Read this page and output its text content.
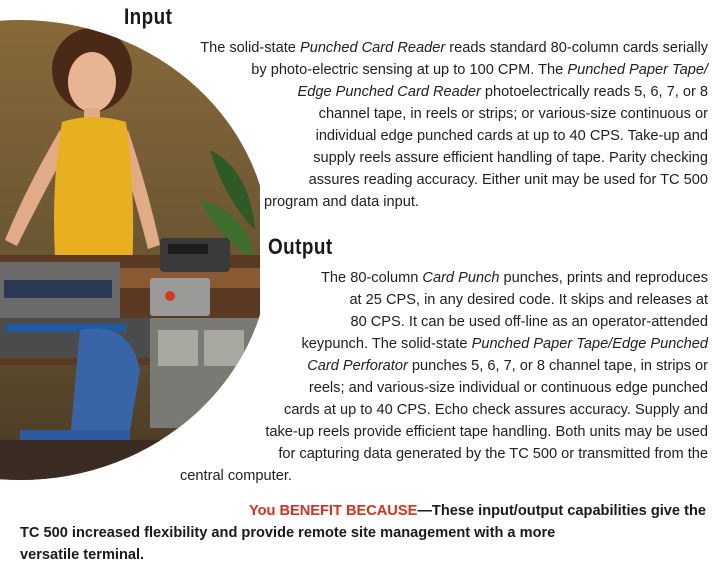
Input
The solid-state Punched Card Reader reads standard 80-column cards serially
by photo-electric sensing at up to 100 CPM. The Punched Paper Tape/
Edge Punched Card Reader photoelectrically reads 5, 6, 7, or 8
channel tape, in reels or strips; or various-size continuous or
individual edge punched cards at up to 40 CPS. Take-up and
supply reels assure efficient handling of tape. Parity checking
assures reading accuracy. Either unit may be used for TC 500
program and data input.
Output
The 80-column Card Punch punches, prints and reproduces
at 25 CPS, in any desired code. It skips and releases at
80 CPS. It can be used off-line as an operator-attended
keypunch. The solid-state Punched Paper Tape/Edge Punched
Card Perforator punches 5, 6, 7, or 8 channel tape, in strips or
reels; and various-size individual or continuous edge punched
cards at up to 40 CPS. Echo check assures accuracy. Supply and
take-up reels provide efficient tape handling. Both units may be used
for capturing data generated by the TC 500 or transmitted from the
central computer.
You BENEFIT BECAUSE—These input/output capabilities give the
TC 500 increased flexibility and provide remote site management with a more
versatile terminal.
